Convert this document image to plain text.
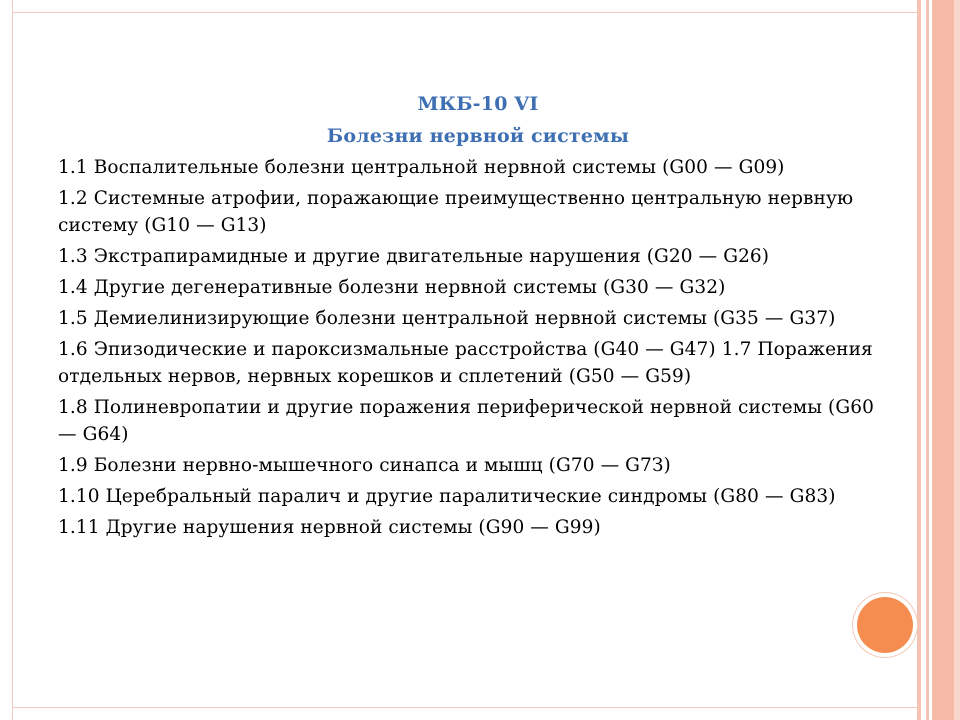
МКБ-10 VI

Болезни нервной системы

1.1 Воспалительные болезни центральной нервной системы (G00 — G09)

1.2 Системные атрофии, поражающие преимущественно центральную нервную систему (G10 — G13)

1.3 Экстрапирамидные и другие двигательные нарушения (G20 — G26)

1.4 Другие дегенеративные болезни нервной системы (G30 — G32)

1.5 Демиелинизирующие болезни центральной нервной системы (G35 — G37)

1.6 Эпизодические и пароксизмальные расстройства (G40 — G47) 1.7 Поражения отдельных нервов, нервных корешков и сплетений (G50 — G59)

1.8 Полиневропатии и другие поражения периферической нервной системы (G60 — G64)

1.9 Болезни нервно-мышечного синапса и мышц (G70 — G7З)

1.10 Церебральный паралич и другие паралитические синдромы (G80 — G83)

1.11 Другие нарушения нервной системы (G90 — G99)
